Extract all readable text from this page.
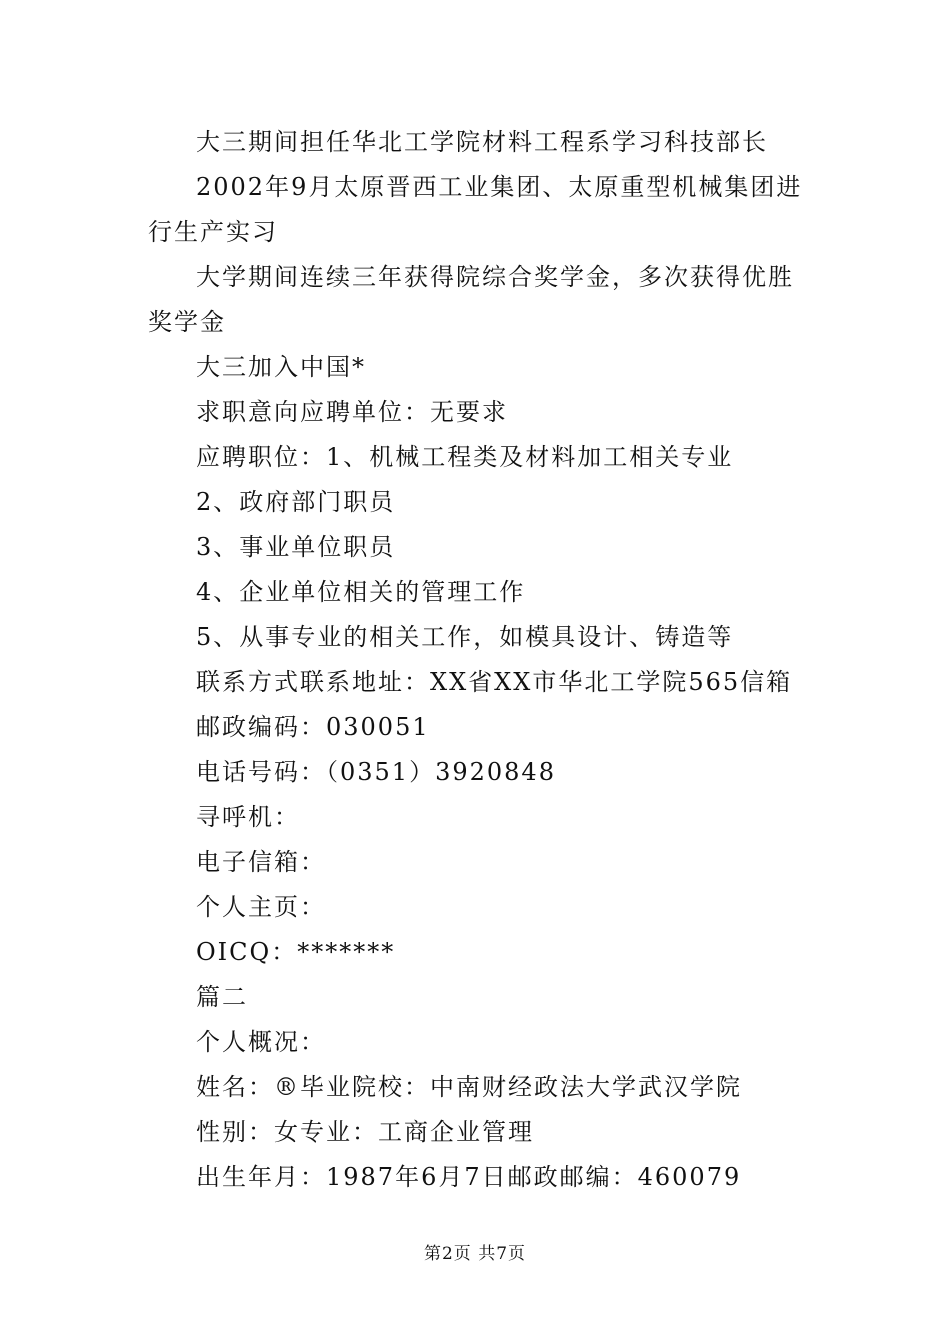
大三期间担任华北工学院材料工程系学习科技部长

2002年9月太原晋西工业集团、太原重型机械集团进行生产实习

大学期间连续三年获得院综合奖学金，多次获得优胜奖学金

大三加入中国*

求职意向应聘单位：无要求

应聘职位：1、机械工程类及材料加工相关专业

2、政府部门职员

3、事业单位职员

4、企业单位相关的管理工作

5、从事专业的相关工作，如模具设计、铸造等

联系方式联系地址：XX省XX市华北工学院565信箱

邮政编码：030051

电话号码：（0351）3920848

寻呼机：

电子信箱：

个人主页：

OICQ：*******

篇二

个人概况：

姓名：®毕业院校：中南财经政法大学武汉学院

性别：女专业：工商企业管理

出生年月：1987年6月7日邮政邮编：460079

第2页 共7页
